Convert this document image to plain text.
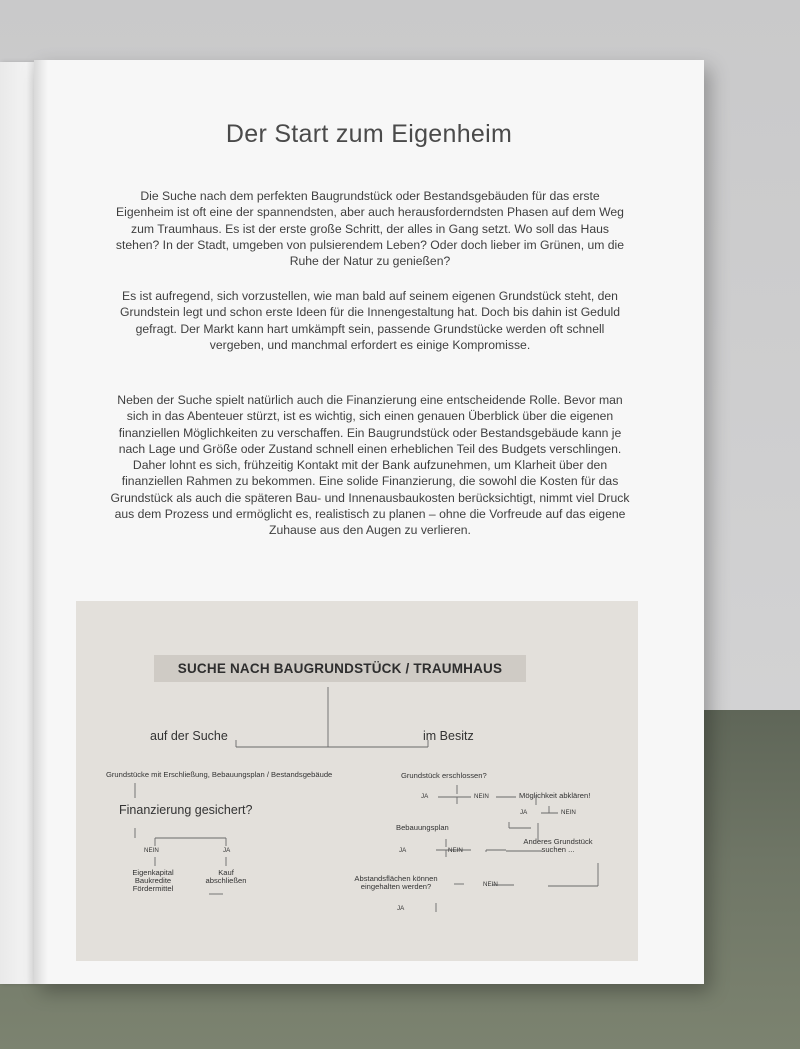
Der Start zum Eigenheim
Die Suche nach dem perfekten Baugrundstück oder Bestandsgebäuden für das erste Eigenheim ist oft eine der spannendsten, aber auch herausforderndsten Phasen auf dem Weg zum Traumhaus. Es ist der erste große Schritt, der alles in Gang setzt. Wo soll das Haus stehen? In der Stadt, umgeben von pulsierendem Leben? Oder doch lieber im Grünen, um die Ruhe der Natur zu genießen?
Es ist aufregend, sich vorzustellen, wie man bald auf seinem eigenen Grundstück steht, den Grundstein legt und schon erste Ideen für die Innengestaltung hat. Doch bis dahin ist Geduld gefragt. Der Markt kann hart umkämpft sein, passende Grundstücke werden oft schnell vergeben, und manchmal erfordert es einige Kompromisse.
Neben der Suche spielt natürlich auch die Finanzierung eine entscheidende Rolle. Bevor man sich in das Abenteuer stürzt, ist es wichtig, sich einen genauen Überblick über die eigenen finanziellen Möglichkeiten zu verschaffen. Ein Baugrundstück oder Bestandsgebäude kann je nach Lage und Größe oder Zustand schnell einen erheblichen Teil des Budgets verschlingen. Daher lohnt es sich, frühzeitig Kontakt mit der Bank aufzunehmen, um Klarheit über den finanziellen Rahmen zu bekommen. Eine solide Finanzierung, die sowohl die Kosten für das Grundstück als auch die späteren Bau- und Innenausbaukosten berücksichtigt, nimmt viel Druck aus dem Prozess und ermöglicht es, realistisch zu planen – ohne die Vorfreude auf das eigene Zuhause aus den Augen zu verlieren.
SUCHE NACH BAUGRUNDSTÜCK / TRAUMHAUS
auf der Suche	im Besitz
Grundstücke mit Erschließung, Bebauungsplan / Bestandsgebäude
Finanzierung gesichert?
NEIN	JA
Eigenkapital
Baukredite
Fördermittel
Kauf
abschließen
Grundstück erschlossen?
JA	NEIN	Möglichkeit abklären!
JA	NEIN
Bebauungsplan
JA	NEIN
Anderes Grundstück
suchen ...
Abstandsflächen können
eingehalten werden?	NEIN
JA
